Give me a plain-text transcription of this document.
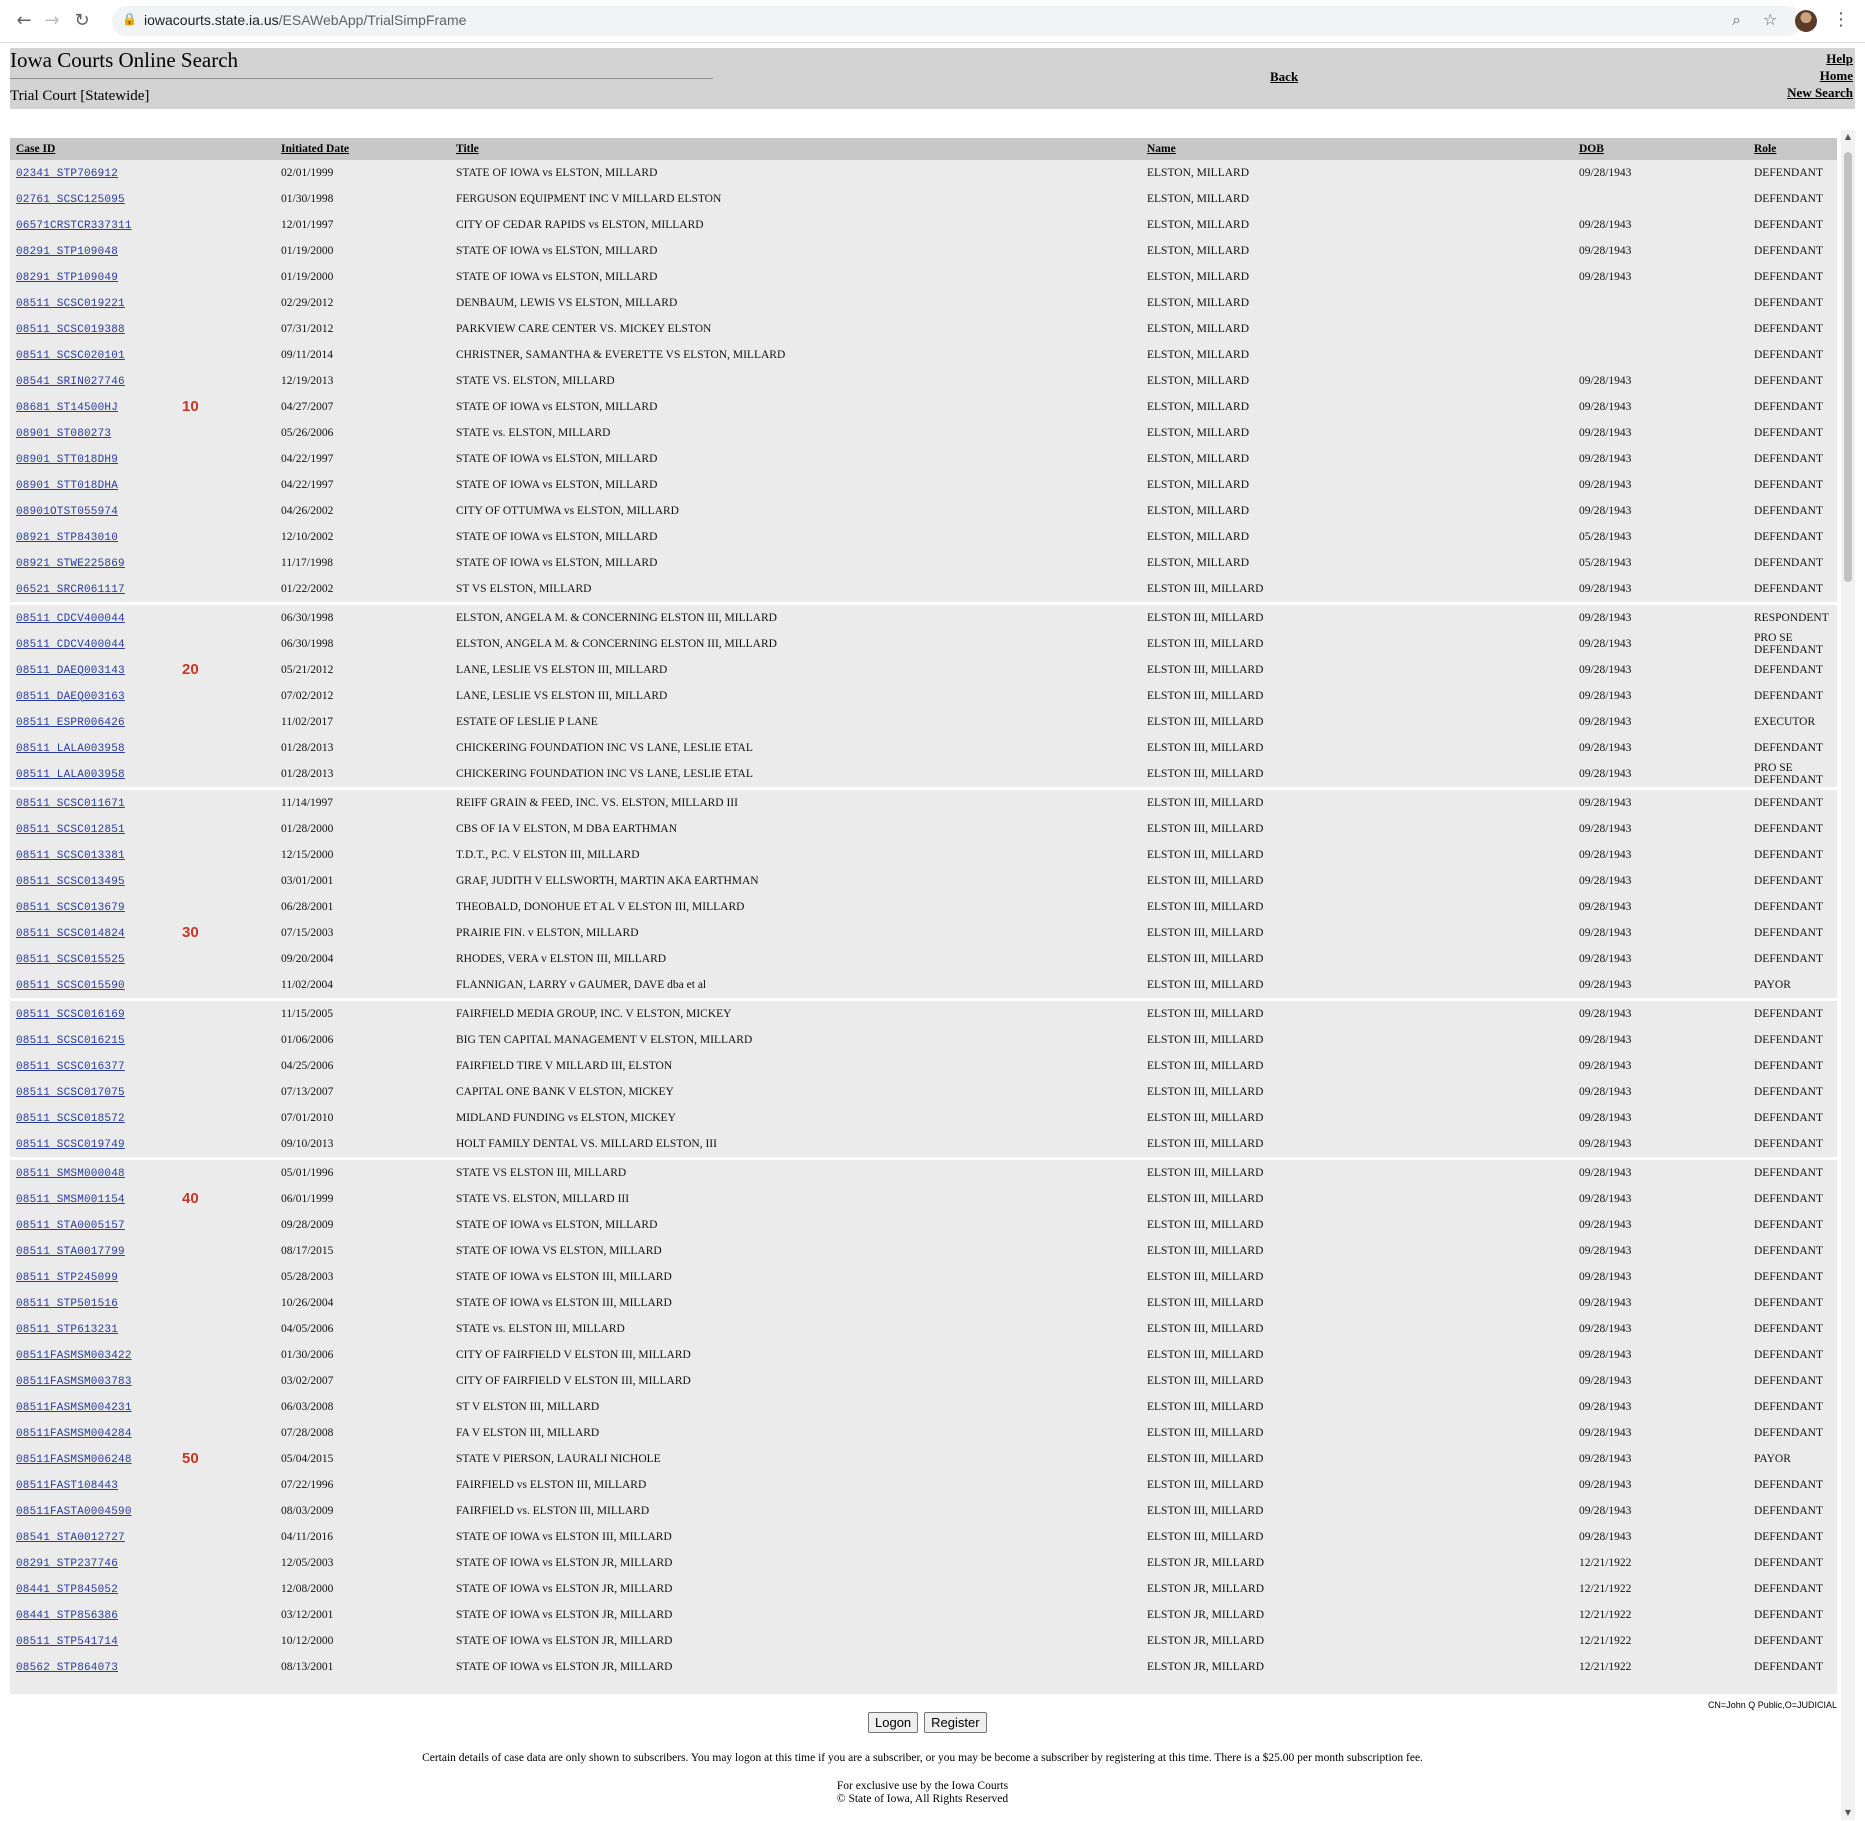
← → ↻	🔒 iowacourts.state.ia.us/ESAWebApp/TrialSimpFrame	⌕ ☆	⋮
Iowa Courts Online Search
Trial Court [Statewide]
Back
Help
Home
New Search
Case ID	Initiated Date	Title	Name	DOB	Role
02341 STP706912	02/01/1999	STATE OF IOWA vs ELSTON, MILLARD	ELSTON, MILLARD	09/28/1943	DEFENDANT
02761 SCSC125095	01/30/1998	FERGUSON EQUIPMENT INC V MILLARD ELSTON	ELSTON, MILLARD		DEFENDANT
06571CRSTCR337311	12/01/1997	CITY OF CEDAR RAPIDS vs ELSTON, MILLARD	ELSTON, MILLARD	09/28/1943	DEFENDANT
08291 STP109048	01/19/2000	STATE OF IOWA vs ELSTON, MILLARD	ELSTON, MILLARD	09/28/1943	DEFENDANT
08291 STP109049	01/19/2000	STATE OF IOWA vs ELSTON, MILLARD	ELSTON, MILLARD	09/28/1943	DEFENDANT
08511 SCSC019221	02/29/2012	DENBAUM, LEWIS VS ELSTON, MILLARD	ELSTON, MILLARD		DEFENDANT
08511 SCSC019388	07/31/2012	PARKVIEW CARE CENTER VS. MICKEY ELSTON	ELSTON, MILLARD		DEFENDANT
08511 SCSC020101	09/11/2014	CHRISTNER, SAMANTHA & EVERETTE VS ELSTON, MILLARD	ELSTON, MILLARD		DEFENDANT
08541 SRIN027746	12/19/2013	STATE VS. ELSTON, MILLARD	ELSTON, MILLARD	09/28/1943	DEFENDANT
08681 ST14500HJ	04/27/2007	STATE OF IOWA vs ELSTON, MILLARD	ELSTON, MILLARD	09/28/1943	DEFENDANT
08901 ST080273	05/26/2006	STATE vs. ELSTON, MILLARD	ELSTON, MILLARD	09/28/1943	DEFENDANT
08901 STT018DH9	04/22/1997	STATE OF IOWA vs ELSTON, MILLARD	ELSTON, MILLARD	09/28/1943	DEFENDANT
08901 STT018DHA	04/22/1997	STATE OF IOWA vs ELSTON, MILLARD	ELSTON, MILLARD	09/28/1943	DEFENDANT
08901OTST055974	04/26/2002	CITY OF OTTUMWA vs ELSTON, MILLARD	ELSTON, MILLARD	09/28/1943	DEFENDANT
08921 STP843010	12/10/2002	STATE OF IOWA vs ELSTON, MILLARD	ELSTON, MILLARD	05/28/1943	DEFENDANT
08921 STWE225869	11/17/1998	STATE OF IOWA vs ELSTON, MILLARD	ELSTON, MILLARD	05/28/1943	DEFENDANT
06521 SRCR061117	01/22/2002	ST VS ELSTON, MILLARD	ELSTON III, MILLARD	09/28/1943	DEFENDANT
08511 CDCV400044	06/30/1998	ELSTON, ANGELA M. & CONCERNING ELSTON III, MILLARD	ELSTON III, MILLARD	09/28/1943	RESPONDENT
08511 CDCV400044	06/30/1998	ELSTON, ANGELA M. & CONCERNING ELSTON III, MILLARD	ELSTON III, MILLARD	09/28/1943	PRO SE DEFENDANT
08511 DAEQ003143	05/21/2012	LANE, LESLIE VS ELSTON III, MILLARD	ELSTON III, MILLARD	09/28/1943	DEFENDANT
08511 DAEQ003163	07/02/2012	LANE, LESLIE VS ELSTON III, MILLARD	ELSTON III, MILLARD	09/28/1943	DEFENDANT
08511 ESPR006426	11/02/2017	ESTATE OF LESLIE P LANE	ELSTON III, MILLARD	09/28/1943	EXECUTOR
08511 LALA003958	01/28/2013	CHICKERING FOUNDATION INC VS LANE, LESLIE ETAL	ELSTON III, MILLARD	09/28/1943	DEFENDANT
08511 LALA003958	01/28/2013	CHICKERING FOUNDATION INC VS LANE, LESLIE ETAL	ELSTON III, MILLARD	09/28/1943	PRO SE DEFENDANT
08511 SCSC011671	11/14/1997	REIFF GRAIN & FEED, INC. VS. ELSTON, MILLARD III	ELSTON III, MILLARD	09/28/1943	DEFENDANT
08511 SCSC012851	01/28/2000	CBS OF IA V ELSTON, M DBA EARTHMAN	ELSTON III, MILLARD	09/28/1943	DEFENDANT
08511 SCSC013381	12/15/2000	T.D.T., P.C. V ELSTON III, MILLARD	ELSTON III, MILLARD	09/28/1943	DEFENDANT
08511 SCSC013495	03/01/2001	GRAF, JUDITH V ELLSWORTH, MARTIN AKA EARTHMAN	ELSTON III, MILLARD	09/28/1943	DEFENDANT
08511 SCSC013679	06/28/2001	THEOBALD, DONOHUE ET AL V ELSTON III, MILLARD	ELSTON III, MILLARD	09/28/1943	DEFENDANT
08511 SCSC014824	07/15/2003	PRAIRIE FIN. v ELSTON, MILLARD	ELSTON III, MILLARD	09/28/1943	DEFENDANT
08511 SCSC015525	09/20/2004	RHODES, VERA v ELSTON III, MILLARD	ELSTON III, MILLARD	09/28/1943	DEFENDANT
08511 SCSC015590	11/02/2004	FLANNIGAN, LARRY v GAUMER, DAVE dba et al	ELSTON III, MILLARD	09/28/1943	PAYOR
08511 SCSC016169	11/15/2005	FAIRFIELD MEDIA GROUP, INC. V ELSTON, MICKEY	ELSTON III, MILLARD	09/28/1943	DEFENDANT
08511 SCSC016215	01/06/2006	BIG TEN CAPITAL MANAGEMENT V ELSTON, MILLARD	ELSTON III, MILLARD	09/28/1943	DEFENDANT
08511 SCSC016377	04/25/2006	FAIRFIELD TIRE V MILLARD III, ELSTON	ELSTON III, MILLARD	09/28/1943	DEFENDANT
08511 SCSC017075	07/13/2007	CAPITAL ONE BANK V ELSTON, MICKEY	ELSTON III, MILLARD	09/28/1943	DEFENDANT
08511 SCSC018572	07/01/2010	MIDLAND FUNDING vs ELSTON, MICKEY	ELSTON III, MILLARD	09/28/1943	DEFENDANT
08511 SCSC019749	09/10/2013	HOLT FAMILY DENTAL VS. MILLARD ELSTON, III	ELSTON III, MILLARD	09/28/1943	DEFENDANT
08511 SMSM000048	05/01/1996	STATE VS ELSTON III, MILLARD	ELSTON III, MILLARD	09/28/1943	DEFENDANT
08511 SMSM001154	06/01/1999	STATE VS. ELSTON, MILLARD III	ELSTON III, MILLARD	09/28/1943	DEFENDANT
08511 STA0005157	09/28/2009	STATE OF IOWA vs ELSTON, MILLARD	ELSTON III, MILLARD	09/28/1943	DEFENDANT
08511 STA0017799	08/17/2015	STATE OF IOWA VS ELSTON, MILLARD	ELSTON III, MILLARD	09/28/1943	DEFENDANT
08511 STP245099	05/28/2003	STATE OF IOWA vs ELSTON III, MILLARD	ELSTON III, MILLARD	09/28/1943	DEFENDANT
08511 STP501516	10/26/2004	STATE OF IOWA vs ELSTON III, MILLARD	ELSTON III, MILLARD	09/28/1943	DEFENDANT
08511 STP613231	04/05/2006	STATE vs. ELSTON III, MILLARD	ELSTON III, MILLARD	09/28/1943	DEFENDANT
08511FASMSM003422	01/30/2006	CITY OF FAIRFIELD V ELSTON III, MILLARD	ELSTON III, MILLARD	09/28/1943	DEFENDANT
08511FASMSM003783	03/02/2007	CITY OF FAIRFIELD V ELSTON III, MILLARD	ELSTON III, MILLARD	09/28/1943	DEFENDANT
08511FASMSM004231	06/03/2008	ST V ELSTON III, MILLARD	ELSTON III, MILLARD	09/28/1943	DEFENDANT
08511FASMSM004284	07/28/2008	FA V ELSTON III, MILLARD	ELSTON III, MILLARD	09/28/1943	DEFENDANT
08511FASMSM006248	05/04/2015	STATE V PIERSON, LAURALI NICHOLE	ELSTON III, MILLARD	09/28/1943	PAYOR
08511FAST108443	07/22/1996	FAIRFIELD vs ELSTON III, MILLARD	ELSTON III, MILLARD	09/28/1943	DEFENDANT
08511FASTA0004590	08/03/2009	FAIRFIELD vs. ELSTON III, MILLARD	ELSTON III, MILLARD	09/28/1943	DEFENDANT
08541 STA0012727	04/11/2016	STATE OF IOWA vs ELSTON III, MILLARD	ELSTON III, MILLARD	09/28/1943	DEFENDANT
08291 STP237746	12/05/2003	STATE OF IOWA vs ELSTON JR, MILLARD	ELSTON JR, MILLARD	12/21/1922	DEFENDANT
08441 STP845052	12/08/2000	STATE OF IOWA vs ELSTON JR, MILLARD	ELSTON JR, MILLARD	12/21/1922	DEFENDANT
08441 STP856386	03/12/2001	STATE OF IOWA vs ELSTON JR, MILLARD	ELSTON JR, MILLARD	12/21/1922	DEFENDANT
08511 STP541714	10/12/2000	STATE OF IOWA vs ELSTON JR, MILLARD	ELSTON JR, MILLARD	12/21/1922	DEFENDANT
08562 STP864073	08/13/2001	STATE OF IOWA vs ELSTON JR, MILLARD	ELSTON JR, MILLARD	12/21/1922	DEFENDANT
10
20
30
40
50
▲
▼
CN=John Q Public,O=JUDICIAL
Logon Register
Certain details of case data are only shown to subscribers. You may logon at this time if you are a subscriber, or you may be become a subscriber by registering at this time. There is a $25.00 per month subscription fee.
For exclusive use by the Iowa Courts
© State of Iowa, All Rights Reserved
